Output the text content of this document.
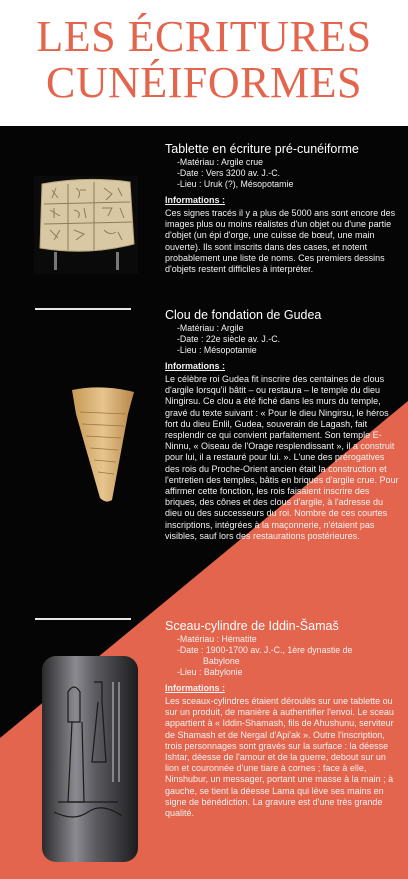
LES ÉCRITURES
CUNÉIFORMES
Tablette en écriture pré-cunéiforme
-Matériau : Argile crue
-Date : Vers 3200 av. J.-C.
-Lieu : Uruk (?), Mésopotamie
Informations :

Ces signes tracés il y a plus de 5000 ans sont encore des images plus ou moins réalistes d'un objet ou d'une partie d'objet (un épi d'orge, une cuisse de bœuf, une main ouverte). Ils sont inscrits dans des cases, et notent probablement une liste de noms. Ces premiers dessins d'objets restent difficiles à interpréter.

Clou de fondation de Gudea
-Matériau : Argile
-Date : 22e siècle av. J.-C.
-Lieu : Mésopotamie
Informations :

Le célèbre roi Gudea fit inscrire des centaines de clous d'argile lorsqu'il bâtit – ou restaura – le temple du dieu Ningirsu. Ce clou a été fiché dans les murs du temple, gravé du texte suivant : « Pour le dieu Ningirsu, le héros fort du dieu Enlil, Gudea, souverain de Lagash, fait resplendir ce qui convient parfaitement. Son temple E-Ninnu, « Oiseau de l'Orage resplendissant », il a construit pour lui, il a restauré pour lui. ». L'une des prérogatives des rois du Proche-Orient ancien était la construction et l'entretien des temples, bâtis en briques d'argile crue. Pour affirmer cette fonction, les rois faisaient inscrire des briques, des cônes et des clous d'argile, à l'adresse du dieu ou des successeurs du roi. Nombre de ces courtes inscriptions, intégrées à la maçonnerie, n'étaient pas visibles, sauf lors des restaurations postérieures.

Sceau-cylindre de Iddin-Šamaš
-Matériau : Hématite
-Date : 1900-1700 av. J.-C., 1ère dynastie de
Babylone
-Lieu : Babylonie
Informations :

Les sceaux-cylindres étaient déroulés sur une tablette ou sur un produit, de manière à authentifier l'envoi. Le sceau appartient à « Iddin-Shamash, fils de Ahushunu, serviteur de Shamash et de Nergal d'Api'ak ». Outre l'inscription, trois personnages sont gravés sur la surface : la déesse Ishtar, déesse de l'amour et de la guerre, debout sur un lion et couronnée d'une tiare à cornes ; face à elle, Ninshubur, un messager, portant une masse à la main ; à gauche, se tient la déesse Lama qui lève ses mains en signe de bénédiction. La gravure est d'une très grande qualité.
